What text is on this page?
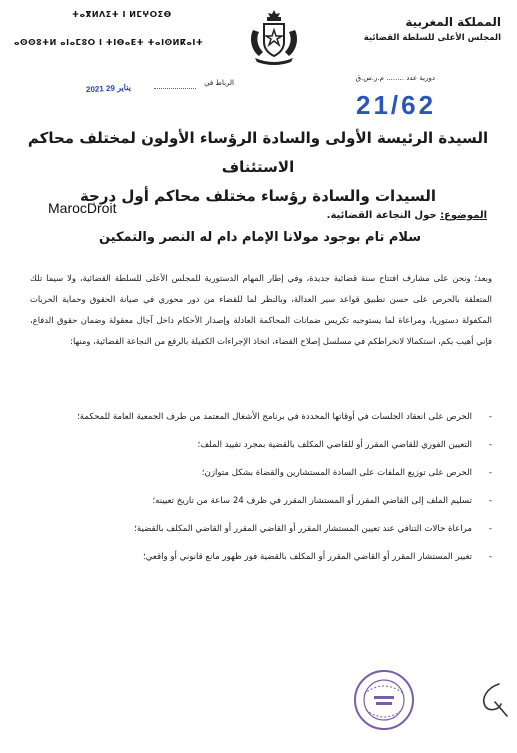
ⵜⴰⴳⵍⴷⵉⵜ ⵏ ⵍⵎⵖⵔⵉⴱ
ⴰⵙⵙⵓⵜⵍ ⴰⵏⴰⵎⵓⵔ ⵏ ⵜⵏⴱⴰⴹⵜ ⵜⴰⵏⵙⵍⴽⴰⵏⵜ
المملكة المغربية
المجلس الأعلى للسلطة القضائية
دورية عدد ........ م.ر.س.ق
21/62
الرباط في
2021 29 يناير
السيدة الرئيسة الأولى والسادة الرؤساء الأولون لمختلف محاكم الاستئناف
السيدات والسادة رؤساء مختلف محاكم أول درجة
MarocDroit	الموضوع: حول النجاعة القضائية.
سلام تام بوجود مولانا الإمام دام له النصر والتمكين
وبعد؛ ونحن على مشارف افتتاح سنة قضائية جديدة، وفي إطار المهام الدستورية للمجلس الأعلى للسلطة القضائية، ولا سيما تلك المتعلقة بالحرص على حسن تطبيق قواعد سير العدالة، وبالنظر لما للقضاء من دور محوري في صيانة الحقوق وحماية الحريات المكفولة دستوريا، ومراعاة لما يستوجبه تكريس ضمانات المحاكمة العادلة وإصدار الأحكام داخل آجال معقولة وضمان حقوق الدفاع، فإني أهيب بكم، استكمالا لانخراطكم في مسلسل إصلاح القضاء، اتخاذ الإجراءات الكفيلة بالرفع من النجاعة القضائية، ومنها:
-
الحرص على انعقاد الجلسات في أوقاتها المحددة في برنامج الأشغال المعتمد من طرف الجمعية العامة للمحكمة؛
-
التعيين الفوري للقاضي المقرر أو للقاضي المكلف بالقضية بمجرد تقييد الملف؛
-
الحرص على توزيع الملفات على السادة المستشارين والقضاة بشكل متوازن؛
-
تسليم الملف إلى القاضي المقرر أو المستشار المقرر في ظرف 24 ساعة من تاريخ تعيينه؛
-
مراعاة حالات التنافي عند تعيين المستشار المقرر أو القاضي المقرر أو القاضي المكلف بالقضية؛
-
تغيير المستشار المقرر أو القاضي المقرر أو المكلف بالقضية فور ظهور مانع قانوني أو واقعي؛
